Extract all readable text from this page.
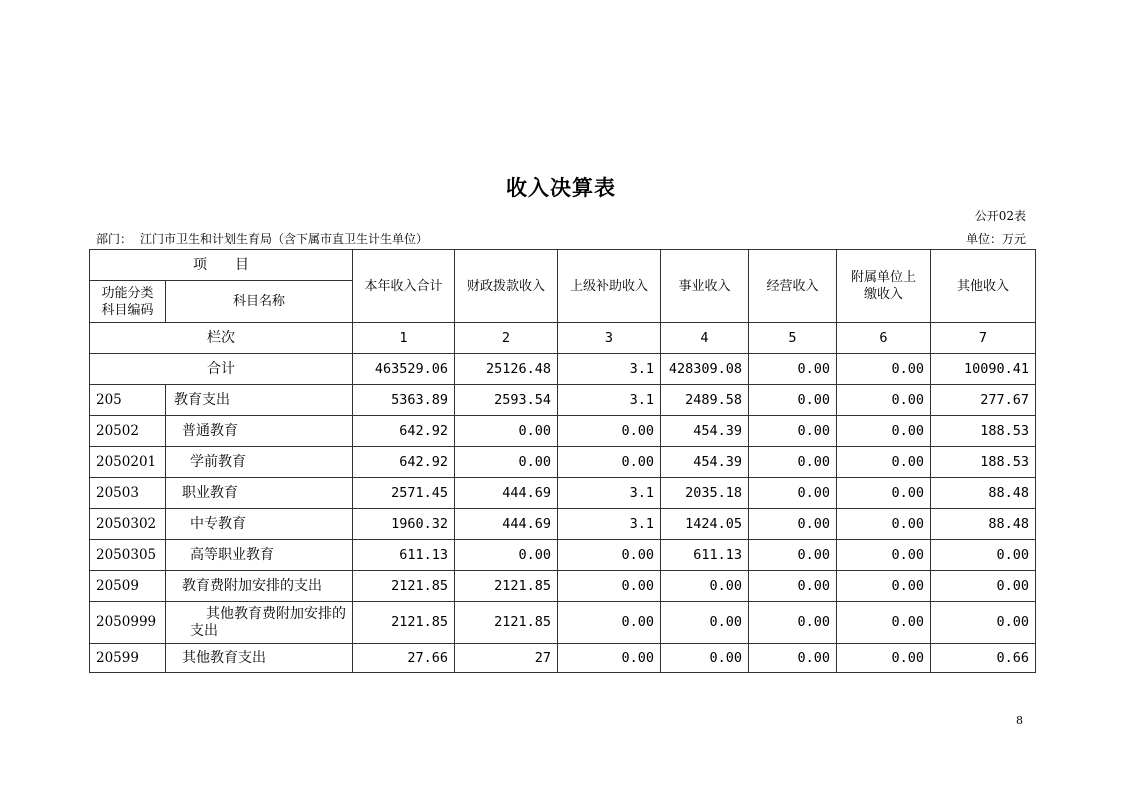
收入决算表
公开02表
部门： 江门市卫生和计划生育局（含下属市直卫生计生单位）	单位：万元
项　　目		本年收入合计	财政拨款收入	上级补助收入	事业收入	经营收入	附属单位上
缴收入	其他收入

功能分类
科目编码	科目名称							
栏次		1	2	3	4	5	6	7
合计		463529.06	25126.48	3.1	428309.08	0.00	0.00	10090.41
205	教育支出	5363.89	2593.54	3.1	2489.58	0.00	0.00	277.67
20502	普通教育	642.92	0.00	0.00	454.39	0.00	0.00	188.53
2050201	学前教育	642.92	0.00	0.00	454.39	0.00	0.00	188.53
20503	职业教育	2571.45	444.69	3.1	2035.18	0.00	0.00	88.48
2050302	中专教育	1960.32	444.69	3.1	1424.05	0.00	0.00	88.48
2050305	高等职业教育	611.13	0.00	0.00	611.13	0.00	0.00	0.00
20509	教育费附加安排的支出	2121.85	2121.85	0.00	0.00	0.00	0.00	0.00
2050999	其他教育费附加安排的支出	2121.85	2121.85	0.00	0.00	0.00	0.00	0.00
20599	其他教育支出	27.66	27	0.00	0.00	0.00	0.00	0.66
8
